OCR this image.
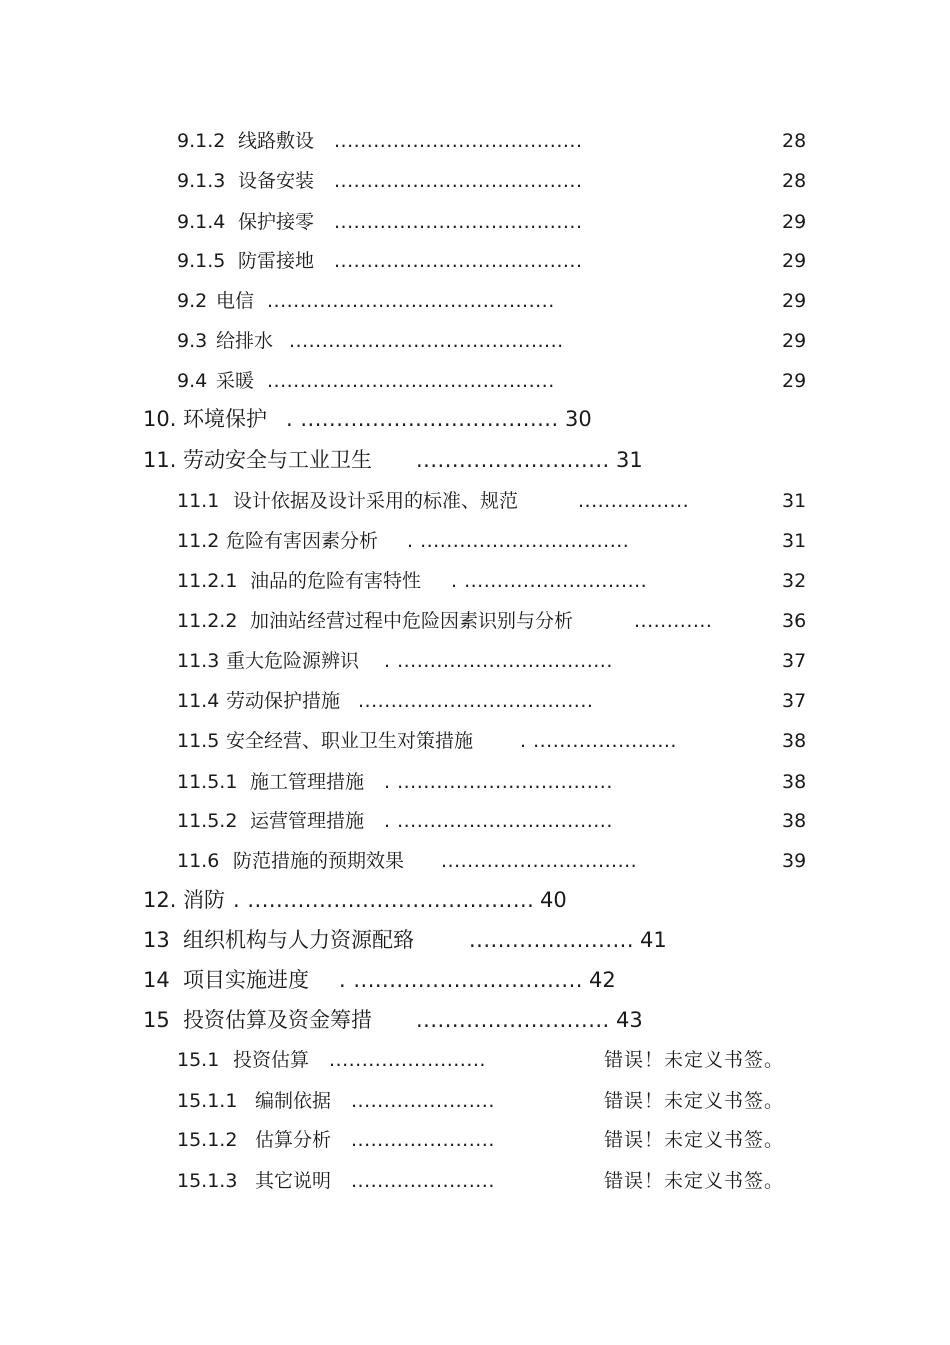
9.1.2 线路敷设 ......................................	28
9.1.3 设备安装 ......................................	28
9.1.4 保护接零 ......................................	29
9.1.5 防雷接地 ......................................	29
9.2 电信 ............................................	29
9.3 给排水 ..........................................	29
9.4 采暖 ............................................	29
10. 环境保护 . .................................... 30
11. 劳动安全与工业卫生 ........................... 31
11.1 设计依据及设计采用的标准、规范	.................	31
11.2 危险有害因素分析 . ................................	31
11.2.1 油品的危险有害特性 . ............................	32
11.2.2 加油站经营过程中危险因素识别与分析	............	36
11.3 重大危险源辨识 . .................................	37
11.4 劳动保护措施 ....................................	37
11.5 安全经营、职业卫生对策措施 . ......................	38
11.5.1 施工管理措施 . .................................	38
11.5.2 运营管理措施 . .................................	38
11.6 防范措施的预期效果 ..............................	39
12. 消防 . ........................................ 40
13 组织机构与人力资源配臵	....................... 41
14 项目实施进度 . ................................ 42
15 投资估算及资金筹措 ........................... 43
15.1 投资估算 ........................	错误！未定义书签。
15.1.1 编制依据 ......................	错误！未定义书签。
15.1.2 估算分析 ......................	错误！未定义书签。
15.1.3 其它说明 ......................	错误！未定义书签。
